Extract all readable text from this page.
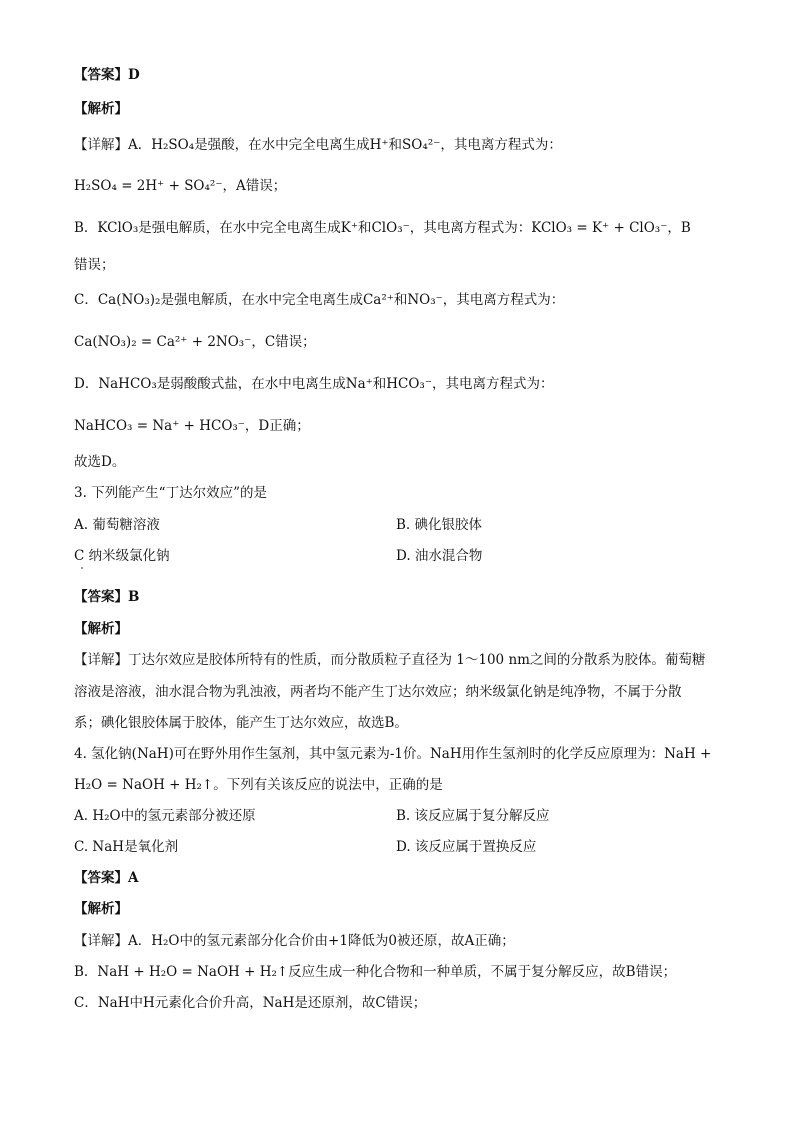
【答案】D
【解析】
【详解】A．H₂SO₄是强酸，在水中完全电离生成H⁺和SO₄²⁻，其电离方程式为：
H₂SO₄ = 2H⁺ + SO₄²⁻，A错误；
B．KClO₃是强电解质，在水中完全电离生成K⁺和ClO₃⁻，其电离方程式为：KClO₃ = K⁺ + ClO₃⁻，B
错误；
C．Ca(NO₃)₂是强电解质，在水中完全电离生成Ca²⁺和NO₃⁻，其电离方程式为：
Ca(NO₃)₂ = Ca²⁺ + 2NO₃⁻，C错误；
D．NaHCO₃是弱酸酸式盐，在水中电离生成Na⁺和HCO₃⁻，其电离方程式为：
NaHCO₃ = Na⁺ + HCO₃⁻，D正确；
故选D。
3. 下列能产生“丁达尔效应”的是
A. 葡萄糖溶液	B. 碘化银胶体
C 纳米级氯化钠	D. 油水混合物
【答案】B
【解析】
【详解】丁达尔效应是胶体所特有的性质，而分散质粒子直径为 1～100 nm之间的分散系为胶体。葡萄糖
溶液是溶液，油水混合物为乳浊液，两者均不能产生丁达尔效应；纳米级氯化钠是纯净物，不属于分散
系；碘化银胶体属于胶体，能产生丁达尔效应，故选B。
4. 氢化钠(NaH)可在野外用作生氢剂，其中氢元素为-1价。NaH用作生氢剂时的化学反应原理为：NaH +
H₂O = NaOH + H₂↑。下列有关该反应的说法中，正确的是
A. H₂O中的氢元素部分被还原	B. 该反应属于复分解反应
C. NaH是氧化剂	D. 该反应属于置换反应
【答案】A
【解析】
【详解】A．H₂O中的氢元素部分化合价由+1降低为0被还原，故A正确；
B．NaH + H₂O = NaOH + H₂↑反应生成一种化合物和一种单质，不属于复分解反应，故B错误；
C．NaH中H元素化合价升高，NaH是还原剂，故C错误；
